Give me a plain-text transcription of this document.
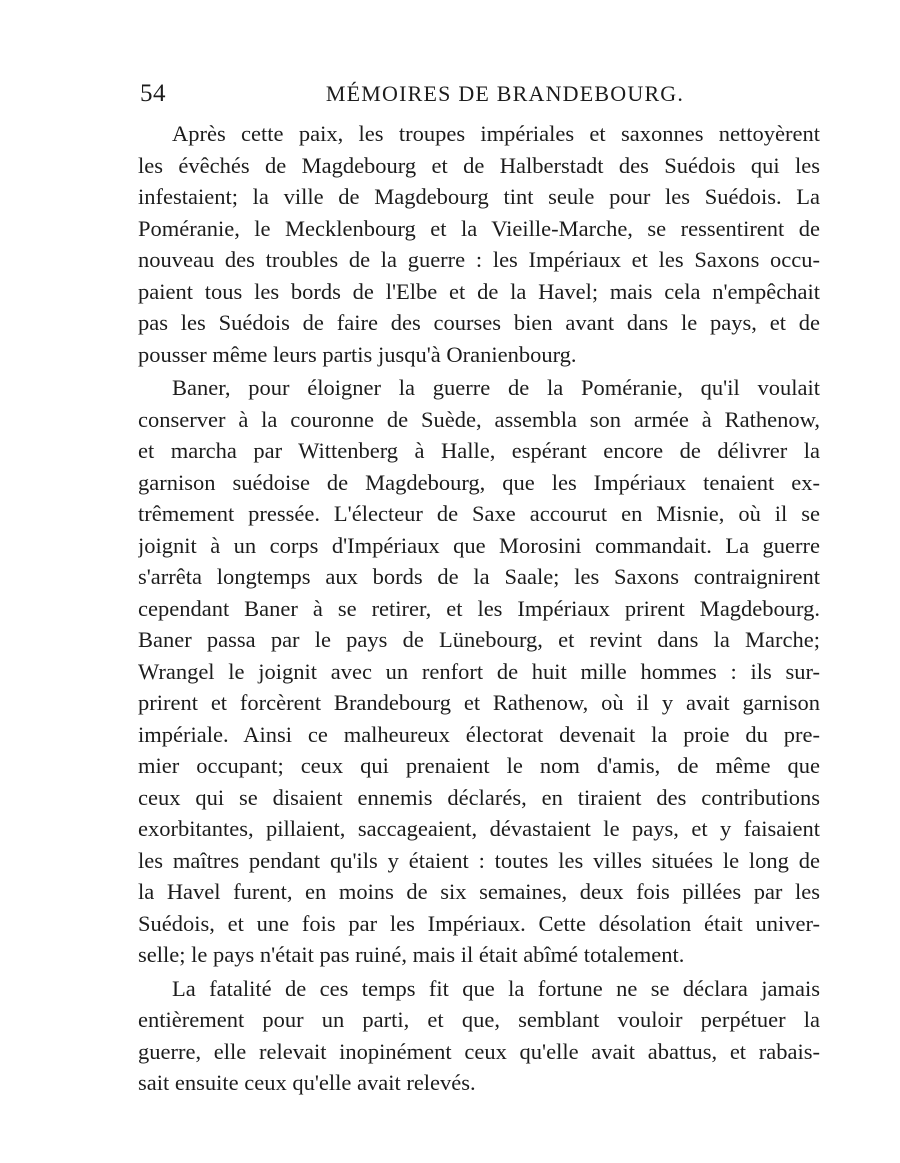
54	MÉMOIRES DE BRANDEBOURG.
Après cette paix, les troupes impériales et saxonnes nettoyèrent
les évêchés de Magdebourg et de Halberstadt des Suédois qui les
infestaient; la ville de Magdebourg tint seule pour les Suédois. La
Poméranie, le Mecklenbourg et la Vieille-Marche, se ressentirent de
nouveau des troubles de la guerre : les Impériaux et les Saxons occu-
paient tous les bords de l'Elbe et de la Havel; mais cela n'empêchait
pas les Suédois de faire des courses bien avant dans le pays, et de
pousser même leurs partis jusqu'à Oranienbourg.
Baner, pour éloigner la guerre de la Poméranie, qu'il voulait
conserver à la couronne de Suède, assembla son armée à Rathenow,
et marcha par Wittenberg à Halle, espérant encore de délivrer la
garnison suédoise de Magdebourg, que les Impériaux tenaient ex-
trêmement pressée. L'électeur de Saxe accourut en Misnie, où il se
joignit à un corps d'Impériaux que Morosini commandait. La guerre
s'arrêta longtemps aux bords de la Saale; les Saxons contraignirent
cependant Baner à se retirer, et les Impériaux prirent Magdebourg.
Baner passa par le pays de Lünebourg, et revint dans la Marche;
Wrangel le joignit avec un renfort de huit mille hommes : ils sur-
prirent et forcèrent Brandebourg et Rathenow, où il y avait garnison
impériale. Ainsi ce malheureux électorat devenait la proie du pre-
mier occupant; ceux qui prenaient le nom d'amis, de même que
ceux qui se disaient ennemis déclarés, en tiraient des contributions
exorbitantes, pillaient, saccageaient, dévastaient le pays, et y faisaient
les maîtres pendant qu'ils y étaient : toutes les villes situées le long de
la Havel furent, en moins de six semaines, deux fois pillées par les
Suédois, et une fois par les Impériaux. Cette désolation était univer-
selle; le pays n'était pas ruiné, mais il était abîmé totalement.
La fatalité de ces temps fit que la fortune ne se déclara jamais
entièrement pour un parti, et que, semblant vouloir perpétuer la
guerre, elle relevait inopinément ceux qu'elle avait abattus, et rabais-
sait ensuite ceux qu'elle avait relevés.
